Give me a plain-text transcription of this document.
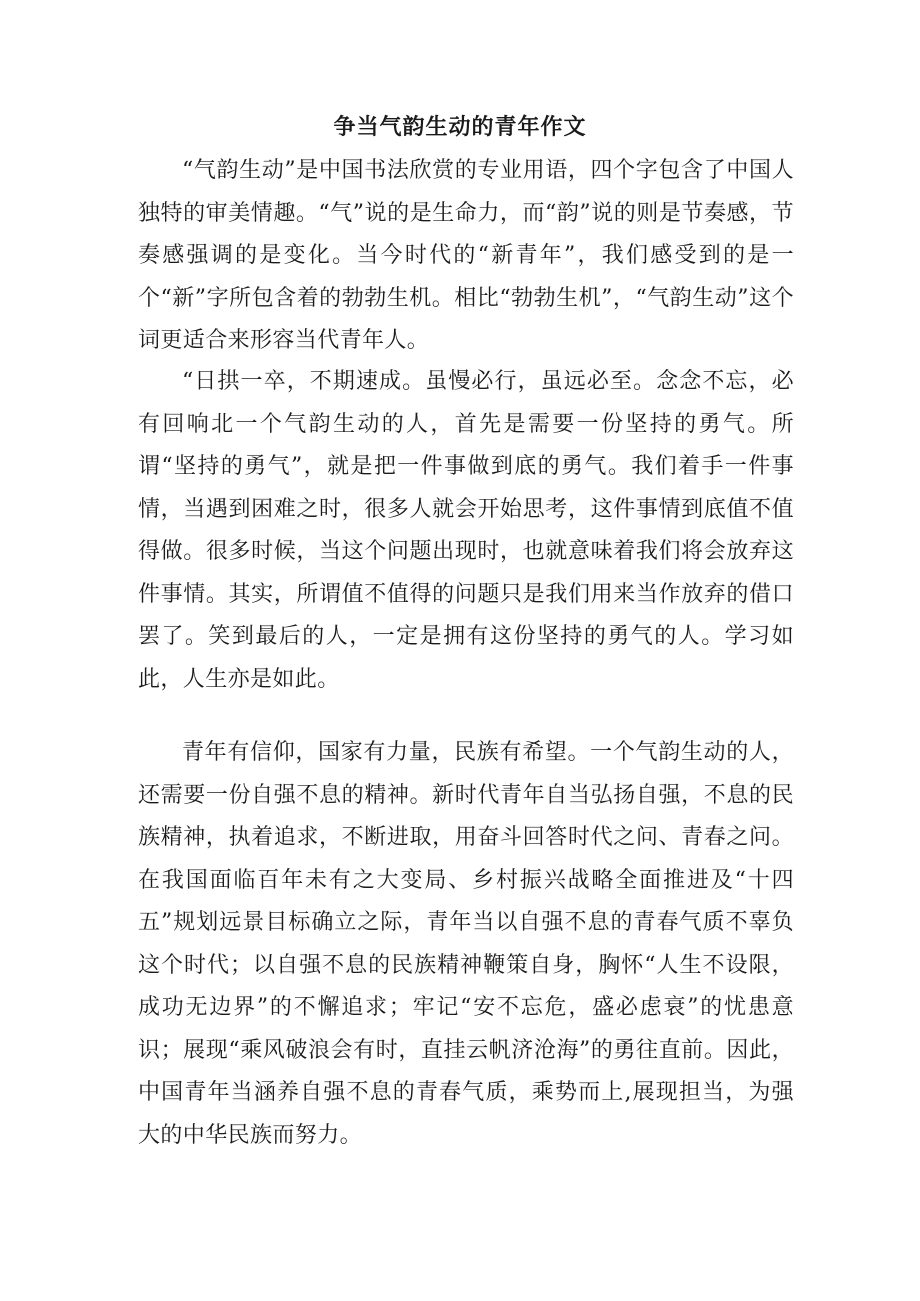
争当气韵生动的青年作文

“气韵生动”是中国书法欣赏的专业用语，四个字包含了中国人独特的审美情趣。“气”说的是生命力，而“韵”说的则是节奏感，节奏感强调的是变化。当今时代的“新青年”，我们感受到的是一个“新”字所包含着的勃勃生机。相比“勃勃生机”，“气韵生动”这个词更适合来形容当代青年人。

“日拱一卒，不期速成。虽慢必行，虽远必至。念念不忘，必有回响北一个气韵生动的人，首先是需要一份坚持的勇气。所谓“坚持的勇气”，就是把一件事做到底的勇气。我们着手一件事情，当遇到困难之时，很多人就会开始思考，这件事情到底值不值得做。很多时候，当这个问题出现时，也就意味着我们将会放弃这件事情。其实，所谓值不值得的问题只是我们用来当作放弃的借口罢了。笑到最后的人，一定是拥有这份坚持的勇气的人。学习如此，人生亦是如此。

青年有信仰，国家有力量，民族有希望。一个气韵生动的人，还需要一份自强不息的精神。新时代青年自当弘扬自强，不息的民族精神，执着追求，不断进取，用奋斗回答时代之问、青春之问。在我国面临百年未有之大变局、乡村振兴战略全面推进及“十四五”规划远景目标确立之际，青年当以自强不息的青春气质不辜负这个时代；以自强不息的民族精神鞭策自身，胸怀“人生不设限，成功无边界”的不懈追求；牢记“安不忘危，盛必虑衰”的忧患意识；展现“乘风破浪会有时，直挂云帆济沧海”的勇往直前。因此，中国青年当涵养自强不息的青春气质，乘势而上,展现担当，为强大的中华民族而努力。
